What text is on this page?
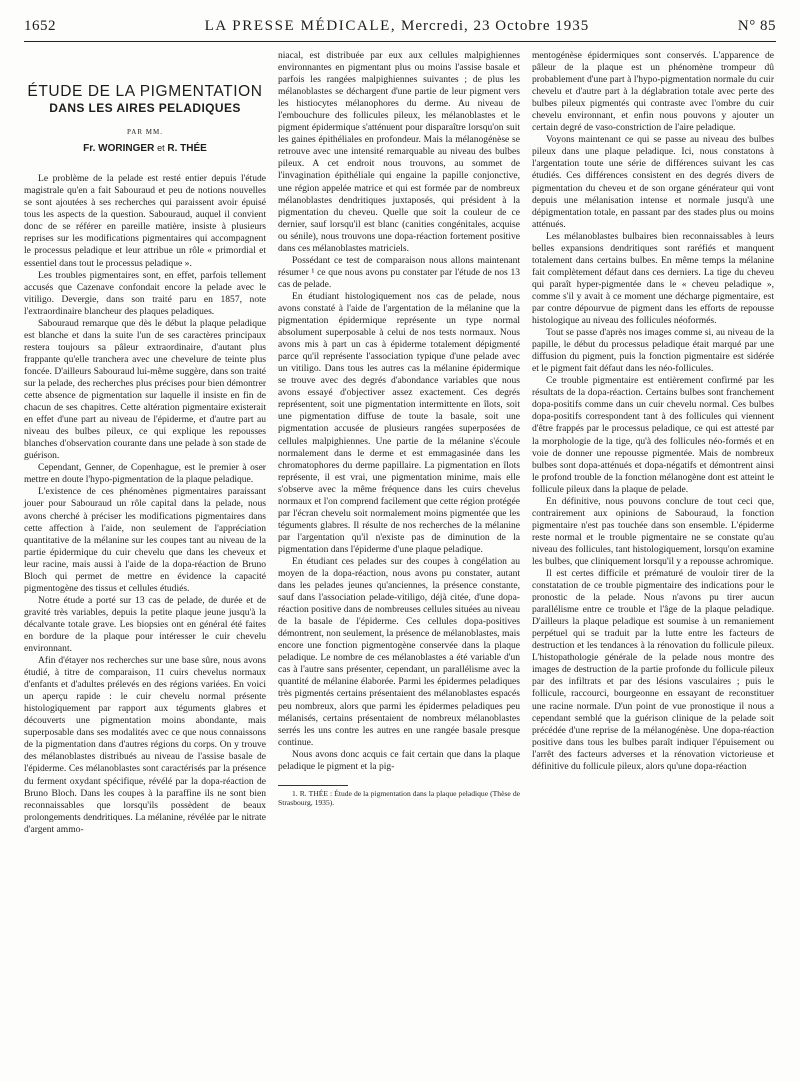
1652	LA PRESSE MÉDICALE, Mercredi, 23 Octobre 1935	N° 85
ÉTUDE DE LA PIGMENTATION
DANS LES AIRES PELADIQUES
PAR MM.
Fr. WORINGER et R. THÉE

Le problème de la pelade est resté entier depuis l'étude magistrale qu'en a fait Sabouraud et peu de notions nouvelles se sont ajoutées à ses recherches qui paraissent avoir épuisé tous les aspects de la question. Sabouraud, auquel il convient donc de se référer en pareille matière, insiste à plusieurs reprises sur les modifications pigmentaires qui accompagnent le processus peladique et leur attribue un rôle « primordial et essentiel dans tout le processus peladique ».

Les troubles pigmentaires sont, en effet, parfois tellement accusés que Cazenave confondait encore la pelade avec le vitiligo. Devergie, dans son traité paru en 1857, note l'extraordinaire blancheur des plaques peladiques.

Sabouraud remarque que dès le début la plaque peladique est blanche et dans la suite l'un de ses caractères principaux restera toujours sa pâleur extraordinaire, d'autant plus frappante qu'elle tranchera avec une chevelure de teinte plus foncée. D'ailleurs Sabouraud lui-même suggère, dans son traité sur la pelade, des recherches plus précises pour bien démontrer cette absence de pigmentation sur laquelle il insiste en fin de chacun de ses chapitres. Cette altération pigmentaire existerait en effet d'une part au niveau de l'épiderme, et d'autre part au niveau des bulbes pileux, ce qui explique les repousses blanches d'observation courante dans une pelade à son stade de guérison.

Cependant, Genner, de Copenhague, est le premier à oser mettre en doute l'hypo-pigmentation de la plaque peladique.

L'existence de ces phénomènes pigmentaires paraissant jouer pour Sabouraud un rôle capital dans la pelade, nous avons cherché à préciser les modifications pigmentaires dans cette affection à l'aide, non seulement de l'appréciation quantitative de la mélanine sur les coupes tant au niveau de la partie épidermique du cuir chevelu que dans les cheveux et leur racine, mais aussi à l'aide de la dopa-réaction de Bruno Bloch qui permet de mettre en évidence la capacité pigmentogène des tissus et cellules étudiés.

Notre étude a porté sur 13 cas de pelade, de durée et de gravité très variables, depuis la petite plaque jeune jusqu'à la décalvante totale grave. Les biopsies ont en général été faites en bordure de la plaque pour intéresser le cuir chevelu environnant.

Afin d'étayer nos recherches sur une base sûre, nous avons étudié, à titre de comparaison, 11 cuirs chevelus normaux d'enfants et d'adultes prélevés en des régions variées. En voici un aperçu rapide : le cuir chevelu normal présente histologiquement par rapport aux téguments glabres et découverts une pigmentation moins abondante, mais superposable dans ses modalités avec ce que nous connaissons de la pigmentation dans d'autres régions du corps. On y trouve des mélanoblastes distribués au niveau de l'assise basale de l'épiderme. Ces mélanoblastes sont caractérisés par la présence du ferment oxydant spécifique, révélé par la dopa-réaction de Bruno Bloch. Dans les coupes à la paraffine ils ne sont bien reconnaissables que lorsqu'ils possèdent de beaux prolongements dendritiques. La mélanine, révélée par le nitrate d'argent ammo-

niacal, est distribuée par eux aux cellules malpighiennes environnantes en pigmentant plus ou moins l'assise basale et parfois les rangées malpighiennes suivantes ; de plus les mélanoblastes se déchargent d'une partie de leur pigment vers les histiocytes mélanophores du derme. Au niveau de l'embouchure des follicules pileux, les mélanoblastes et le pigment épidermique s'atténuent pour disparaître lorsqu'on suit les gaines épithéliales en profondeur. Mais la mélanogénèse se retrouve avec une intensité remarquable au niveau des bulbes pileux. A cet endroit nous trouvons, au sommet de l'invagination épithéliale qui engaine la papille conjonctive, une région appelée matrice et qui est formée par de nombreux mélanoblastes dendritiques juxtaposés, qui président à la pigmentation du cheveu. Quelle que soit la couleur de ce dernier, sauf lorsqu'il est blanc (canities congénitales, acquise ou sénile), nous trouvons une dopa-réaction fortement positive dans ces mélanoblastes matriciels.

Possédant ce test de comparaison nous allons maintenant résumer ¹ ce que nous avons pu constater par l'étude de nos 13 cas de pelade.

En étudiant histologiquement nos cas de pelade, nous avons constaté à l'aide de l'argentation de la mélanine que la pigmentation épidermique représente un type normal absolument superposable à celui de nos tests normaux. Nous avons mis à part un cas à épiderme totalement dépigmenté parce qu'il représente l'association typique d'une pelade avec un vitiligo. Dans tous les autres cas la mélanine épidermique se trouve avec des degrés d'abondance variables que nous avons essayé d'objectiver assez exactement. Ces degrés représentent, soit une pigmentation intermittente en îlots, soit une pigmentation diffuse de toute la basale, soit une pigmentation accusée de plusieurs rangées superposées de cellules malpighiennes. Une partie de la mélanine s'écoule normalement dans le derme et est emmagasinée dans les chromatophores du derme papillaire. La pigmentation en îlots représente, il est vrai, une pigmentation minime, mais elle s'observe avec la même fréquence dans les cuirs chevelus normaux et l'on comprend facilement que cette région protégée par l'écran chevelu soit normalement moins pigmentée que les téguments glabres. Il résulte de nos recherches de la mélanine par l'argentation qu'il n'existe pas de diminution de la pigmentation dans l'épiderme d'une plaque peladique.

En étudiant ces pelades sur des coupes à congélation au moyen de la dopa-réaction, nous avons pu constater, autant dans les pelades jeunes qu'anciennes, la présence constante, sauf dans l'association pelade-vitiligo, déjà citée, d'une dopa-réaction positive dans de nombreuses cellules situées au niveau de la basale de l'épiderme. Ces cellules dopa-positives démontrent, non seulement, la présence de mélanoblastes, mais encore une fonction pigmentogène conservée dans la plaque peladique. Le nombre de ces mélanoblastes a été variable d'un cas à l'autre sans présenter, cependant, un parallélisme avec la quantité de mélanine élaborée. Parmi les épidermes peladiques très pigmentés certains présentaient des mélanoblastes espacés peu nombreux, alors que parmi les épidermes peladiques peu mélanisés, certains présentaient de nombreux mélanoblastes serrés les uns contre les autres en une rangée basale presque continue.

Nous avons donc acquis ce fait certain que dans la plaque peladique le pigment et la pig-

1. R. THÉE : Étude de la pigmentation dans la plaque peladique (Thèse de Strasbourg, 1935).

mentogénèse épidermiques sont conservés. L'apparence de pâleur de la plaque est un phénomène trompeur dû probablement d'une part à l'hypo-pigmentation normale du cuir chevelu et d'autre part à la déglabration totale avec perte des bulbes pileux pigmentés qui contraste avec l'ombre du cuir chevelu environnant, et enfin nous pouvons y ajouter un certain degré de vaso-constriction de l'aire peladique.

Voyons maintenant ce qui se passe au niveau des bulbes pileux dans une plaque peladique. Ici, nous constatons à l'argentation toute une série de différences suivant les cas étudiés. Ces différences consistent en des degrés divers de pigmentation du cheveu et de son organe générateur qui vont depuis une mélanisation intense et normale jusqu'à une dépigmentation totale, en passant par des stades plus ou moins atténués.

Les mélanoblastes bulbaires bien reconnaissables à leurs belles expansions dendritiques sont raréfiés et manquent totalement dans certains bulbes. En même temps la mélanine fait complètement défaut dans ces derniers. La tige du cheveu qui paraît hyper-pigmentée dans le « cheveu peladique », comme s'il y avait à ce moment une décharge pigmentaire, est par contre dépourvue de pigment dans les efforts de repousse histologique au niveau des follicules néoformés.

Tout se passe d'après nos images comme si, au niveau de la papille, le début du processus peladique était marqué par une diffusion du pigment, puis la fonction pigmentaire est sidérée et le pigment fait défaut dans les néo-follicules.

Ce trouble pigmentaire est entièrement confirmé par les résultats de la dopa-réaction. Certains bulbes sont franchement dopa-positifs comme dans un cuir chevelu normal. Ces bulbes dopa-positifs correspondent tant à des follicules qui viennent d'être frappés par le processus peladique, ce qui est attesté par la morphologie de la tige, qu'à des follicules néo-formés et en voie de donner une repousse pigmentée. Mais de nombreux bulbes sont dopa-atténués et dopa-négatifs et démontrent ainsi le profond trouble de la fonction mélanogène dont est atteint le follicule pileux dans la plaque de pelade.

En définitive, nous pouvons conclure de tout ceci que, contrairement aux opinions de Sabouraud, la fonction pigmentaire n'est pas touchée dans son ensemble. L'épiderme reste normal et le trouble pigmentaire ne se constate qu'au niveau des follicules, tant histologiquement, lorsqu'on examine les bulbes, que cliniquement lorsqu'il y a repousse achromique.

Il est certes difficile et prématuré de vouloir tirer de la constatation de ce trouble pigmentaire des indications pour le pronostic de la pelade. Nous n'avons pu tirer aucun parallélisme entre ce trouble et l'âge de la plaque peladique. D'ailleurs la plaque peladique est soumise à un remaniement perpétuel qui se traduit par la lutte entre les facteurs de destruction et les tendances à la rénovation du follicule pileux. L'histopathologie générale de la pelade nous montre des images de destruction de la partie profonde du follicule pileux par des infiltrats et par des lésions vasculaires ; puis le follicule, raccourci, bourgeonne en essayant de reconstituer une racine normale. D'un point de vue pronostique il nous a cependant semblé que la guérison clinique de la pelade soit précédée d'une reprise de la mélanogénèse. Une dopa-réaction positive dans tous les bulbes paraît indiquer l'épuisement ou l'arrêt des facteurs adverses et la rénovation victorieuse et définitive du follicule pileux, alors qu'une dopa-réaction
